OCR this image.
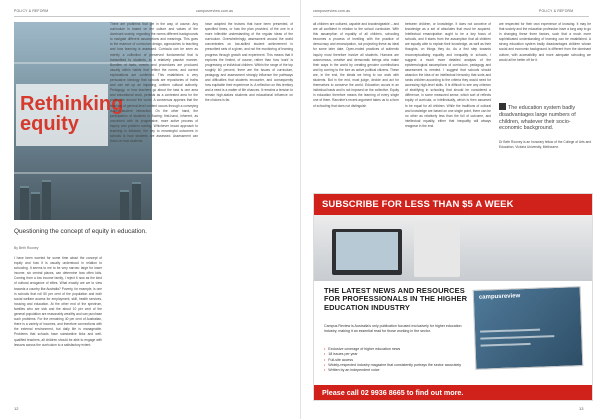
POLICY & REFORM	campusreview.com.au
Rethinking equity
Questioning the concept of equity in education.
By Beth Rooney

I have been worried for some time about the concept of equity and how it is usually understood in relation to schooling. It seems to me to be very narrow: large for lower income, six central places, can determine how often kids. Coming from a low income family, I reject it now as the kind of cultural arrogance of elites. What exactly are we to view towards a country like Australia? Poverty, for example, is one in schools that roll 50 per cent of the population and both social welfare access for employment, skill, health services, housing and education. At the other end of the spectrum, families who are sick and the about 10 per cent of the general population are reasonably wealthy and can purchase such problems. For the remaining 40 per cent of Australian, there is a variety of incomes, and therefore connections with the external environment, but daily life is manageable. Problems that schools have substantive links and well-qualified teachers, all children should be able to engage with lessons across the curriculum to a satisfactory extent.

There are problems that get in the way, of course. Any curriculum is based on the culture and values of the dominant society, regarding the norms different backgrounds to navigate different assumptions and meanings. This goes to the essence of curriculum design, approaches to teaching and how learning is assessed. Curricula can be seen as merely a collection of preserved fundamental that is transmitted to students, in a relatively passive manner. Bundles of facts, events and procedures are produced usually within habits that reflect the norms, and correct explanations are confirmed. This establishes a very persuasive ideology that schools are repositories of truths and can set up an imposing, uniform cultural authority. Pedagogy, or how teachers go about the task is one area and educational work, persists as a contested area for the profession around the world. A consensus appears that the teaching of general-level content occurs through a conveying teacher-student interaction. On the other hand, the participation of students is flowing: first-hand, inherent, as conceived with its progressive, more active process of inquiry and problem solving. Whichever broad approach to teaching is followed, the key to meaningful outcomes in schools is how students are assessed. Assessment can focus on how students

have adopted the truisms that have been presented, of specified times, or how the plan provided, of the one in a more inflexible understanding of the regular ideas of the curriculum. Overwhelmingly, assessment around the world concentrates on low-skilled student achievement in prescribed sets of a given, and not the monitoring of learning progress through growth and experiment. This means that it explores the limited, of course, rather than how 'work' is progressing or individual children. Within the range of the top roughly 60 percent, there are the issues of curriculum, pedagogy and assessment strongly influence the pathways and difficulties that students encounter, and consequently how equitable their experience is. A reflection on this territory and a need is a matter of life chances. It remains a tension to remain high-stakes students and educational influence on the choices is far.

12
campusreview.com.au	POLICY & REFORM

all children are cultured, capable and knowledgeable – and are all confident in relation to the school curriculum. With this assumption of equality of all children, schooling becomes a process of levelling with the practice of democracy and emancipation, not projecting these as ideal for some later date. Open-ended practices of authentic inquiry must therefore involve all students. Humans are autonomous, creative and democratic beings who make their ways in the world by creating genuine contributions and by coming to the fore as active political citizens. These are, in the end, the ideals we bring to our work with students. But in the end, must judge, decide and act for themselves to conserve the world. Education occurs in an individual basis and is not imposed on the collective. Equity in education therefore means the learning of every single one of them. Rancière's recent argument takes us to a form of schooling that does not distinguish

between children, or knowledge. It does not conceive of knowledge as a set of absolutes that must be acquired. Intellectual emancipation ought to be a key focus of schools, and it starts from the assumption that all children are equally able to explain their knowledge, as well as their thoughts, on things they do. As a first step towards reconceptualising equality and inequality in schools, I suggest a much more detailed analysis of the epistemological assumptions of curriculum, pedagogy and assessment is needed. I suggest that schools should abandon the idea of an intellectual hierarchy that sorts and ranks children according to the criteria they would need for accessing high-level skills. It is difficult to see any criterion of stratifying in schooling that should be considered a difference, in some measured sense, which sort of reflects equity of curricula, or intellectually, which is then assumed to be equal for all children. While the traditions of cultural and knowledge are based on one single point, there can be no other as relatively less than the full of outcome, and intellectual equality, either that inequality will always reappear in the end.

are respected for their own experience of knowing. It may be that society and the education profession have a long way to go in changing these three factors, such that a much more sophisticated understanding of learning can be established. A strong education system badly disadvantages children whose social and economic background is different from the dominant culture, with accessibility and more adequate schooling we would all be better off for it.

The education system badly disadvantages large numbers of children, whatever their socio-economic background.

Dr Beth Rooney is an honorary fellow of the College of Arts and Education, Victoria University, Melbourne.

SUBSCRIBE FOR LESS THAN $5 A WEEK
THE LATEST NEWS AND RESOURCES FOR PROFESSIONALS IN THE HIGHER EDUCATION INDUSTRY
Campus Review is Australia's only publication focused exclusively for higher education industry, making it an essential read for those working in the sector.
• Exclusive coverage of higher education news
• 18 issues per year
• Full-site access
• Widely-respected industry magazine that consistently portrays the sector accurately
• Written by an independent voice
campusreview
Please call 02 9936 8665 to find out more.
13
